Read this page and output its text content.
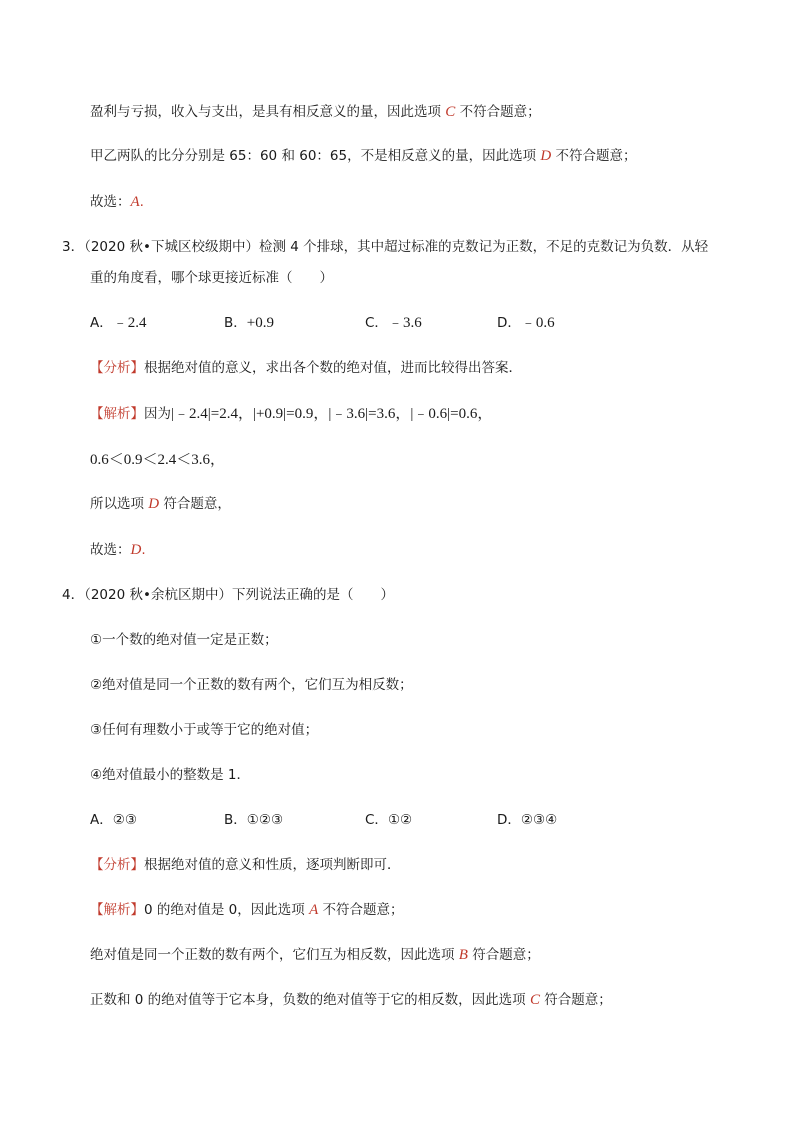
盈利与亏损，收入与支出，是具有相反意义的量，因此选项 C 不符合题意；
甲乙两队的比分分别是 65：60 和 60：65，不是相反意义的量，因此选项 D 不符合题意；
故选：A.
3．（2020 秋•下城区校级期中）检测 4 个排球，其中超过标准的克数记为正数，不足的克数记为负数．从轻
重的角度看，哪个球更接近标准（　　）
A．﹣2.4	B．+0.9	C．﹣3.6	D．﹣0.6
【分析】根据绝对值的意义，求出各个数的绝对值，进而比较得出答案．
【解析】因为|﹣2.4|=2.4，|+0.9|=0.9，|﹣3.6|=3.6，|﹣0.6|=0.6，
0.6＜0.9＜2.4＜3.6，
所以选项 D 符合题意，
故选：D.
4．（2020 秋•余杭区期中）下列说法正确的是（　　）
①一个数的绝对值一定是正数；
②绝对值是同一个正数的数有两个，它们互为相反数；
③任何有理数小于或等于它的绝对值；
④绝对值最小的整数是 1．
A．②③	B．①②③	C．①②	D．②③④
【分析】根据绝对值的意义和性质，逐项判断即可．
【解析】0 的绝对值是 0，因此选项 A 不符合题意；
绝对值是同一个正数的数有两个，它们互为相反数，因此选项 B 符合题意；
正数和 0 的绝对值等于它本身，负数的绝对值等于它的相反数，因此选项 C 符合题意；
